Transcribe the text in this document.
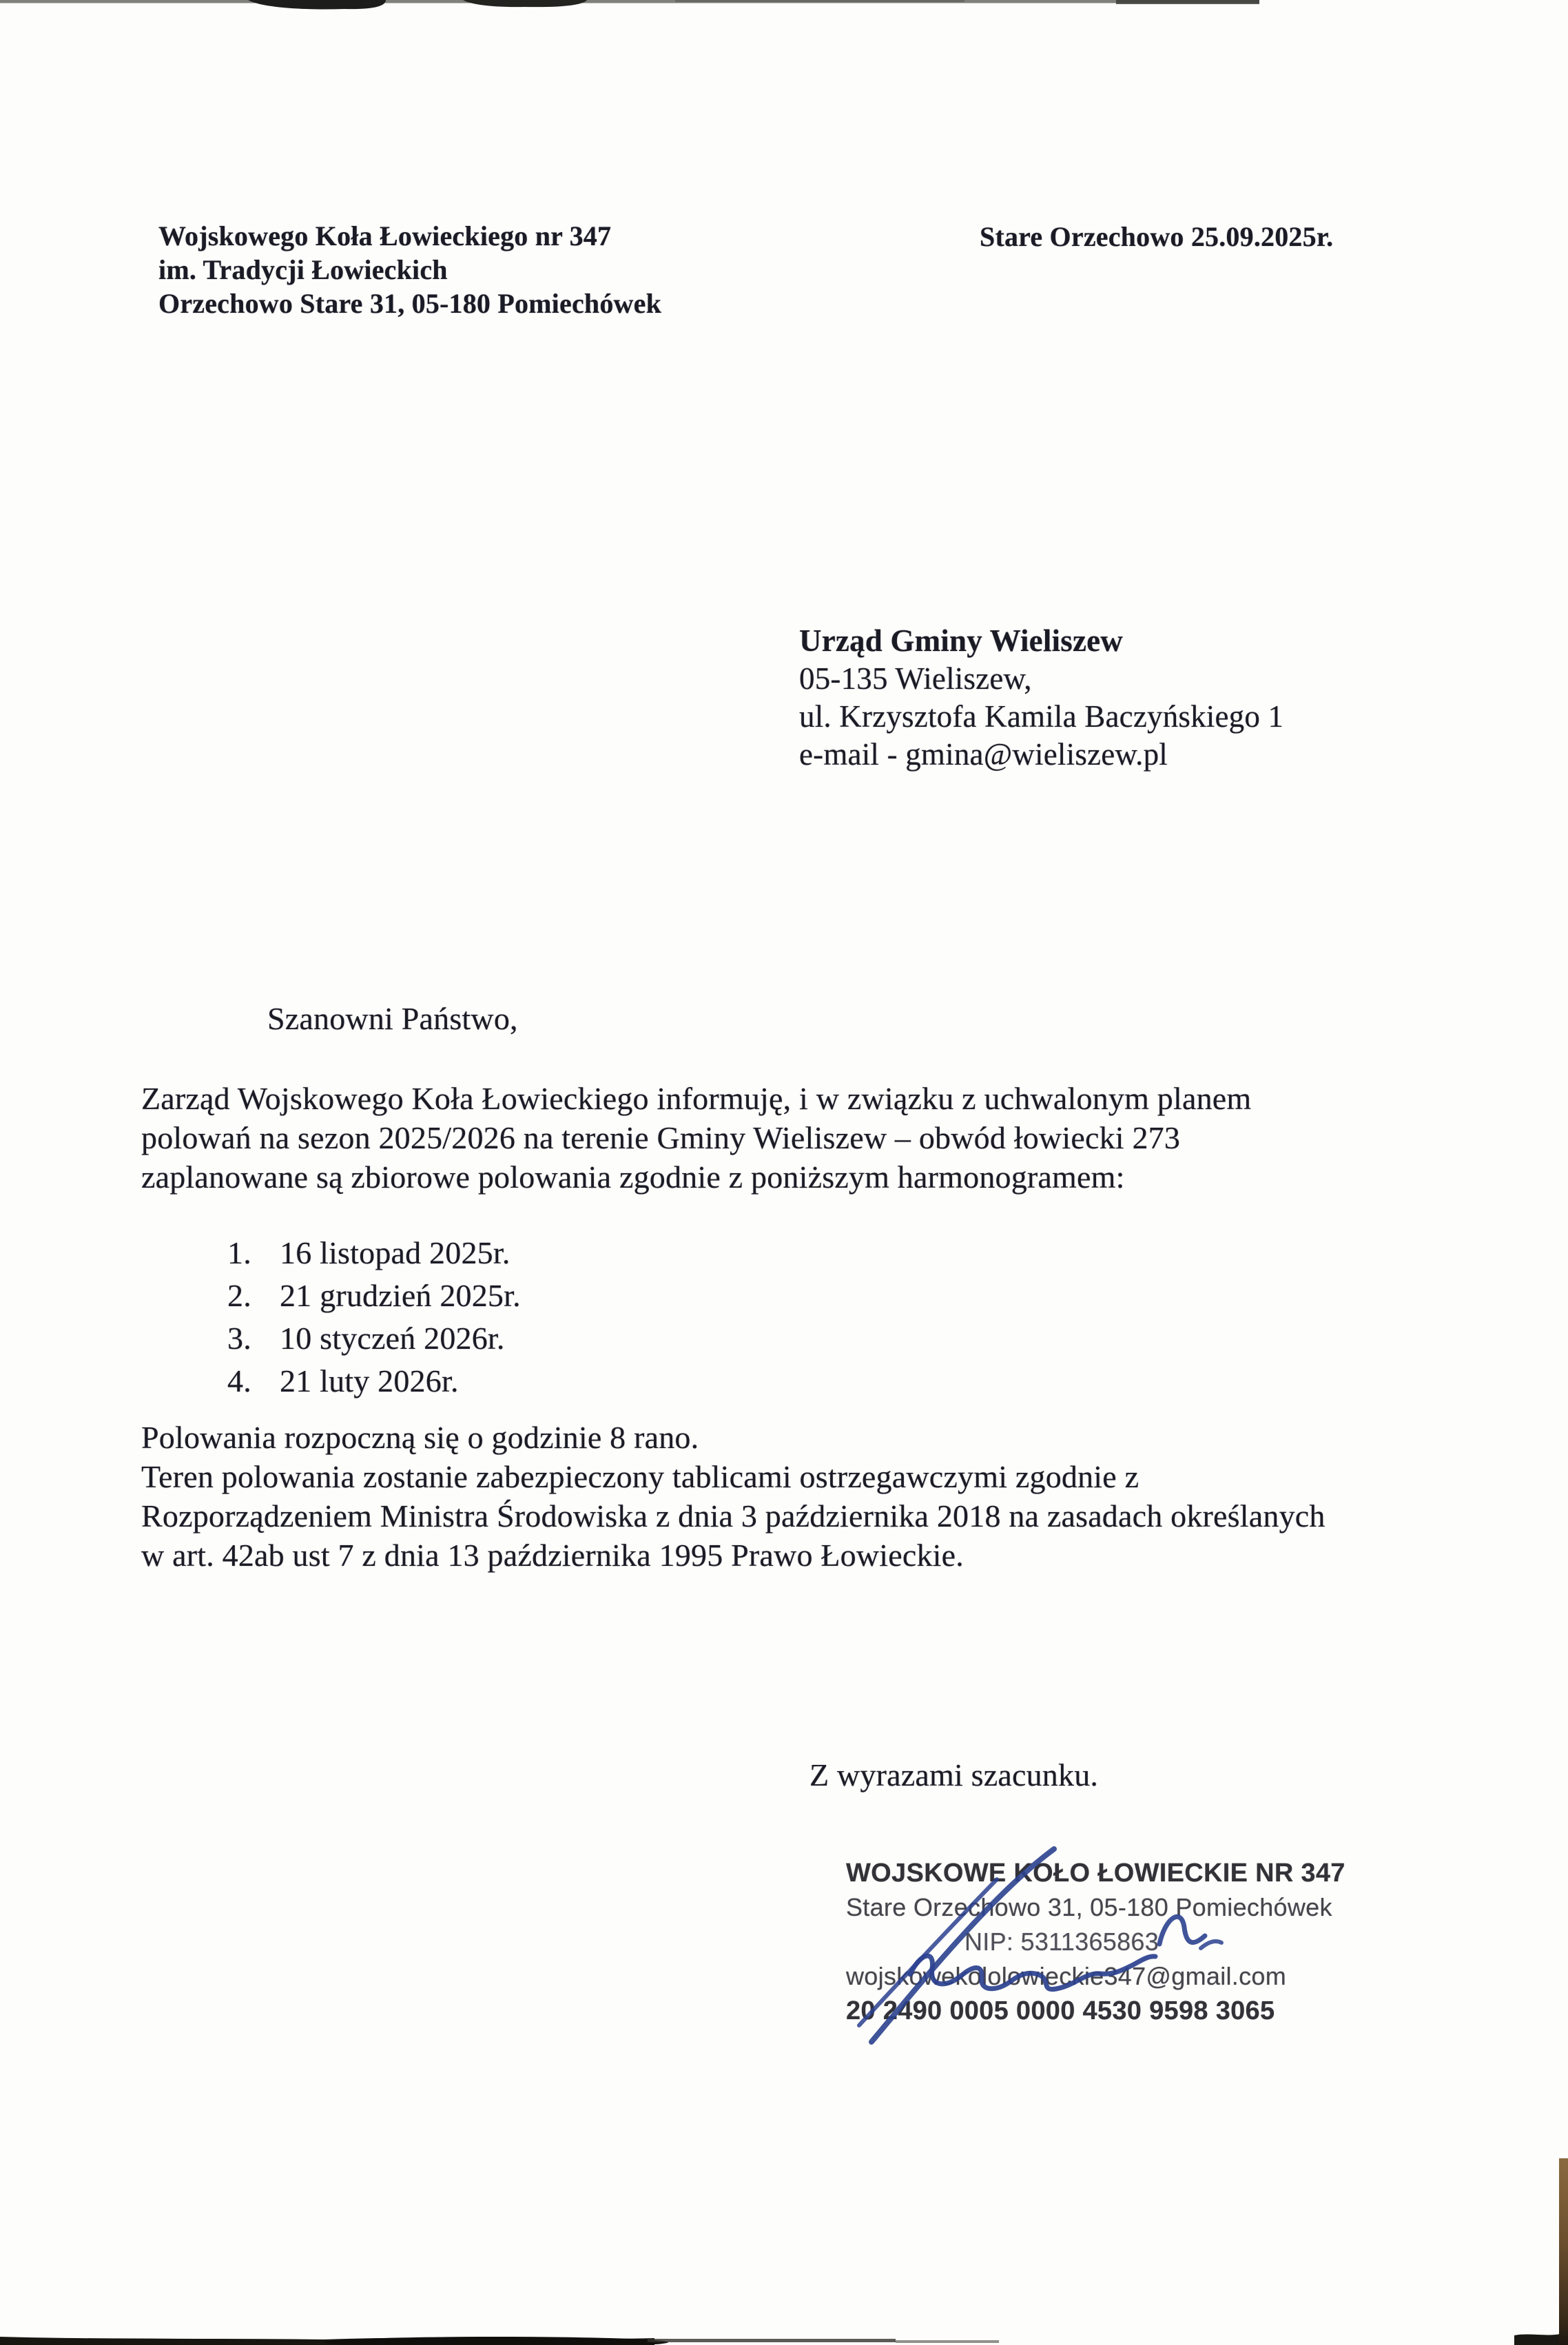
Wojskowego Koła Łowieckiego nr 347
im. Tradycji Łowieckich
Orzechowo Stare 31, 05-180 Pomiechówek
Stare Orzechowo 25.09.2025r.
Urząd Gminy Wieliszew
05-135 Wieliszew,
ul. Krzysztofa Kamila Baczyńskiego 1
e-mail - gmina@wieliszew.pl
Szanowni Państwo,
Zarząd Wojskowego Koła Łowieckiego informuję, i w związku z uchwalonym planem
polowań na sezon 2025/2026 na terenie Gminy Wieliszew – obwód łowiecki 273
zaplanowane są zbiorowe polowania zgodnie z poniższym harmonogramem:
1. 16 listopad 2025r.
2. 21 grudzień 2025r.
3. 10 styczeń 2026r.
4. 21 luty 2026r.
Polowania rozpoczną się o godzinie 8 rano.
Teren polowania zostanie zabezpieczony tablicami ostrzegawczymi zgodnie z
Rozporządzeniem Ministra Środowiska z dnia 3 października 2018 na zasadach określanych
w art. 42ab ust 7 z dnia 13 października 1995 Prawo Łowieckie.
Z wyrazami szacunku.
WOJSKOWE KOŁO ŁOWIECKIE NR 347
Stare Orzechowo 31, 05-180 Pomiechówek
NIP: 5311365863
wojskowekololowieckie347@gmail.com
20 2490 0005 0000 4530 9598 3065
